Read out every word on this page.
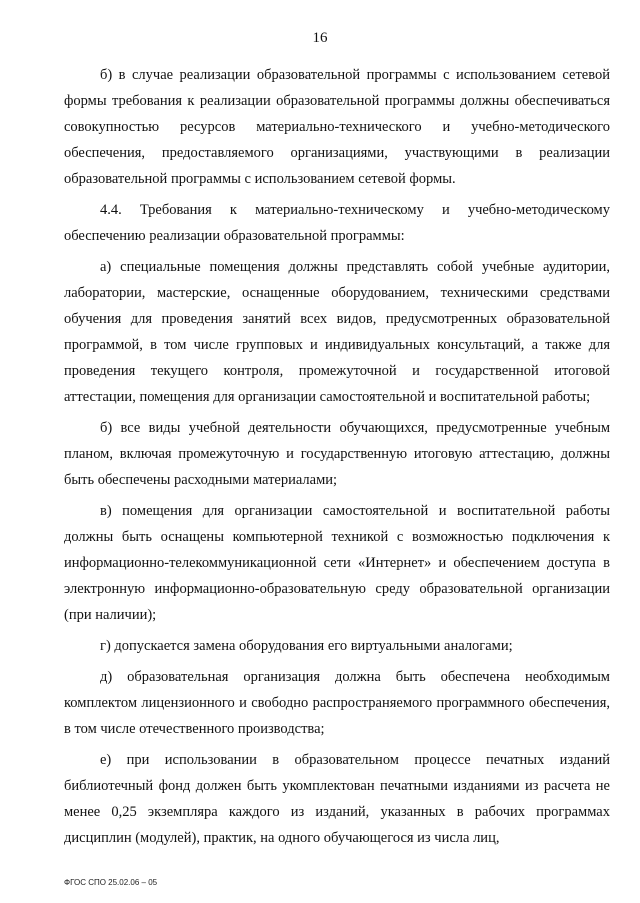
16

б) в случае реализации образовательной программы с использованием сетевой формы требования к реализации образовательной программы должны обеспечиваться совокупностью ресурсов материально-технического и учебно-методического обеспечения, предоставляемого организациями, участвующими в реализации образовательной программы с использованием сетевой формы.

4.4. Требования к материально-техническому и учебно-методическому обеспечению реализации образовательной программы:

а) специальные помещения должны представлять собой учебные аудитории, лаборатории, мастерские, оснащенные оборудованием, техническими средствами обучения для проведения занятий всех видов, предусмотренных образовательной программой, в том числе групповых и индивидуальных консультаций, а также для проведения текущего контроля, промежуточной и государственной итоговой аттестации, помещения для организации самостоятельной и воспитательной работы;

б) все виды учебной деятельности обучающихся, предусмотренные учебным планом, включая промежуточную и государственную итоговую аттестацию, должны быть обеспечены расходными материалами;

в) помещения для организации самостоятельной и воспитательной работы должны быть оснащены компьютерной техникой с возможностью подключения к информационно-телекоммуникационной сети «Интернет» и обеспечением доступа в электронную информационно-образовательную среду образовательной организации (при наличии);

г) допускается замена оборудования его виртуальными аналогами;

д) образовательная организация должна быть обеспечена необходимым комплектом лицензионного и свободно распространяемого программного обеспечения, в том числе отечественного производства;

е) при использовании в образовательном процессе печатных изданий библиотечный фонд должен быть укомплектован печатными изданиями из расчета не менее 0,25 экземпляра каждого из изданий, указанных в рабочих программах дисциплин (модулей), практик, на одного обучающегося из числа лиц,

ФГОС СПО 25.02.06 – 05
